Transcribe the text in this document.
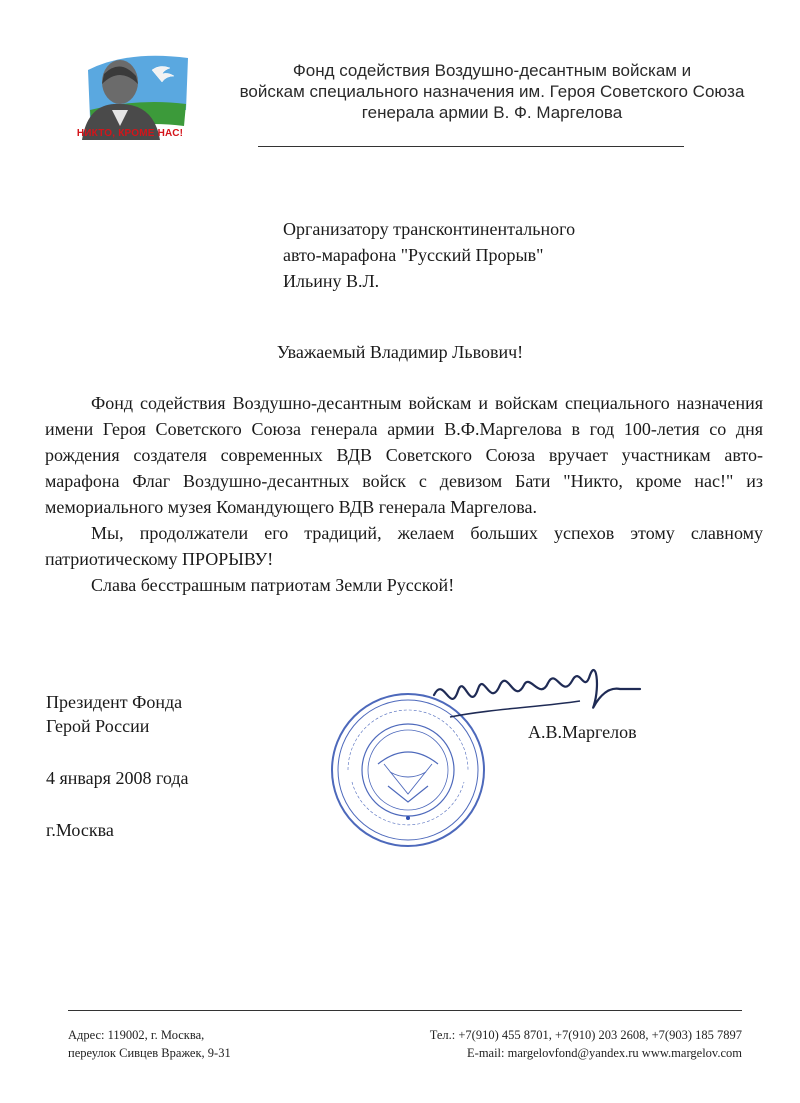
НИКТО, КРОМЕ НАС!
Фонд содействия Воздушно-десантным войскам и
войскам специального назначения им. Героя Советского Союза
генерала армии В. Ф. Маргелова
Организатору трансконтинентального
авто-марафона "Русский Прорыв"
Ильину В.Л.
Уважаемый Владимир Львович!

Фонд содействия Воздушно-десантным войскам и войскам специального назначения имени Героя Советского Союза генерала армии В.Ф.Маргелова в год 100-летия со дня рождения создателя современных ВДВ Советского Союза вручает участникам авто-марафона Флаг Воздушно-десантных войск с девизом Бати "Никто, кроме нас!" из мемориального музея Командующего ВДВ генерала Маргелова.

Мы, продолжатели его традиций, желаем больших успехов этому славному патриотическому ПРОРЫВУ!

Слава бесстрашным патриотам Земли Русской!

Президент Фонда
Герой России
4 января 2008 года
г.Москва
А.В.Маргелов
Адрес: 119002, г. Москва,
переулок Сивцев Вражек, 9-31
Тел.: +7(910) 455 8701, +7(910) 203 2608, +7(903) 185 7897
E-mail: margelovfond@yandex.ru www.margelov.com
